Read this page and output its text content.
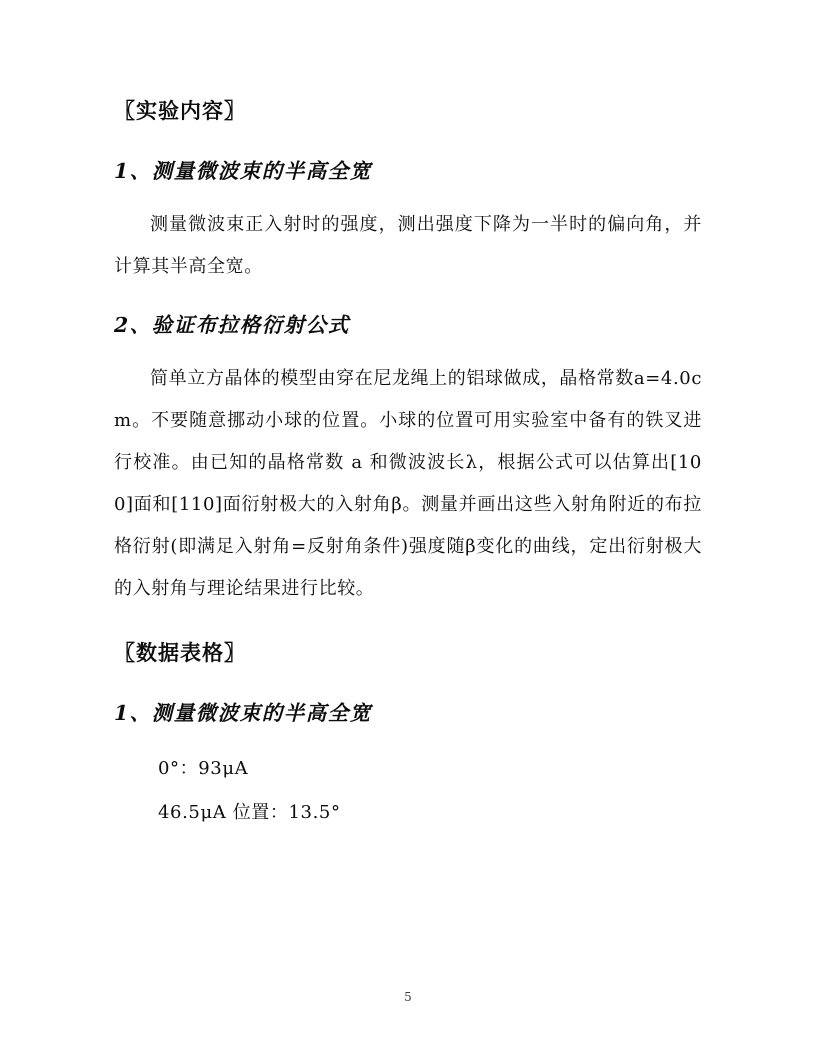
〖实验内容〗
1、测量微波束的半高全宽

测量微波束正入射时的强度，测出强度下降为一半时的偏向角，并计算其半高全宽。

2、验证布拉格衍射公式

简单立方晶体的模型由穿在尼龙绳上的铝球做成，晶格常数a=4.0cm。不要随意挪动小球的位置。小球的位置可用实验室中备有的铁叉进行校准。由已知的晶格常数 a 和微波波长λ，根据公式可以估算出[100]面和[110]面衍射极大的入射角β。测量并画出这些入射角附近的布拉格衍射(即满足入射角=反射角条件)强度随β变化的曲线，定出衍射极大的入射角与理论结果进行比较。

〖数据表格〗
1、测量微波束的半高全宽

0°：93μA

46.5μA 位置：13.5°

5
